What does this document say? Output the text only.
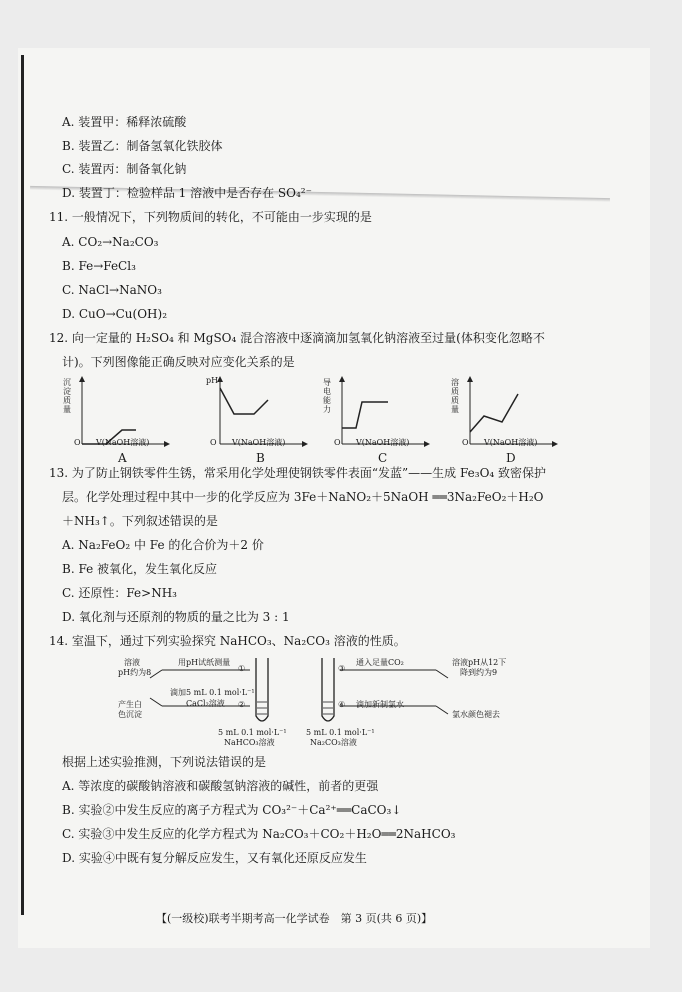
A. 装置甲：稀释浓硫酸
B. 装置乙：制备氢氧化铁胶体
C. 装置丙：制备氧化钠
D. 装置丁：检验样品 1 溶液中是否存在 SO₄²⁻
11. 一般情况下，下列物质间的转化，不可能由一步实现的是
A. CO₂→Na₂CO₃
B. Fe→FeCl₃
C. NaCl→NaNO₃
D. CuO→Cu(OH)₂
12. 向一定量的 H₂SO₄ 和 MgSO₄ 混合溶液中逐滴滴加氢氧化钠溶液至过量(体积变化忽略不
计)。下列图像能正确反映对应变化关系的是
沉淀质量
O V(NaOH溶液)
A
pH
O V(NaOH溶液)
B
导电能力
O V(NaOH溶液)
C
溶质质量
O V(NaOH溶液)
D
13. 为了防止钢铁零件生锈，常采用化学处理使钢铁零件表面“发蓝”——生成 Fe₃O₄ 致密保护
层。化学处理过程中其中一步的化学反应为 3Fe＋NaNO₂＋5NaOH ══3Na₂FeO₂＋H₂O
＋NH₃↑。下列叙述错误的是
A. Na₂FeO₂ 中 Fe 的化合价为＋2 价
B. Fe 被氧化，发生氧化反应
C. 还原性：Fe>NH₃
D. 氧化剂与还原剂的物质的量之比为 3 : 1
14. 室温下，通过下列实验探究 NaHCO₃、Na₂CO₃ 溶液的性质。
溶液
pH约为8
产生白
色沉淀
用pH试纸测量
①
滴加5 mL 0.1 mol·L⁻¹
CaCl₂溶液 ②
5 mL 0.1 mol·L⁻¹
NaHCO₃溶液
5 mL 0.1 mol·L⁻¹
Na₂CO₃溶液
③
④
通入足量CO₂
滴加新制氯水
溶液pH从12下
降到约为9
氯水颜色褪去
根据上述实验推测，下列说法错误的是
A. 等浓度的碳酸钠溶液和碳酸氢钠溶液的碱性，前者的更强
B. 实验②中发生反应的离子方程式为 CO₃²⁻＋Ca²⁺══CaCO₃↓
C. 实验③中发生反应的化学方程式为 Na₂CO₃＋CO₂＋H₂O══2NaHCO₃
D. 实验④中既有复分解反应发生，又有氧化还原反应发生
【(一级校)联考半期考高一化学试卷　第 3 页(共 6 页)】
